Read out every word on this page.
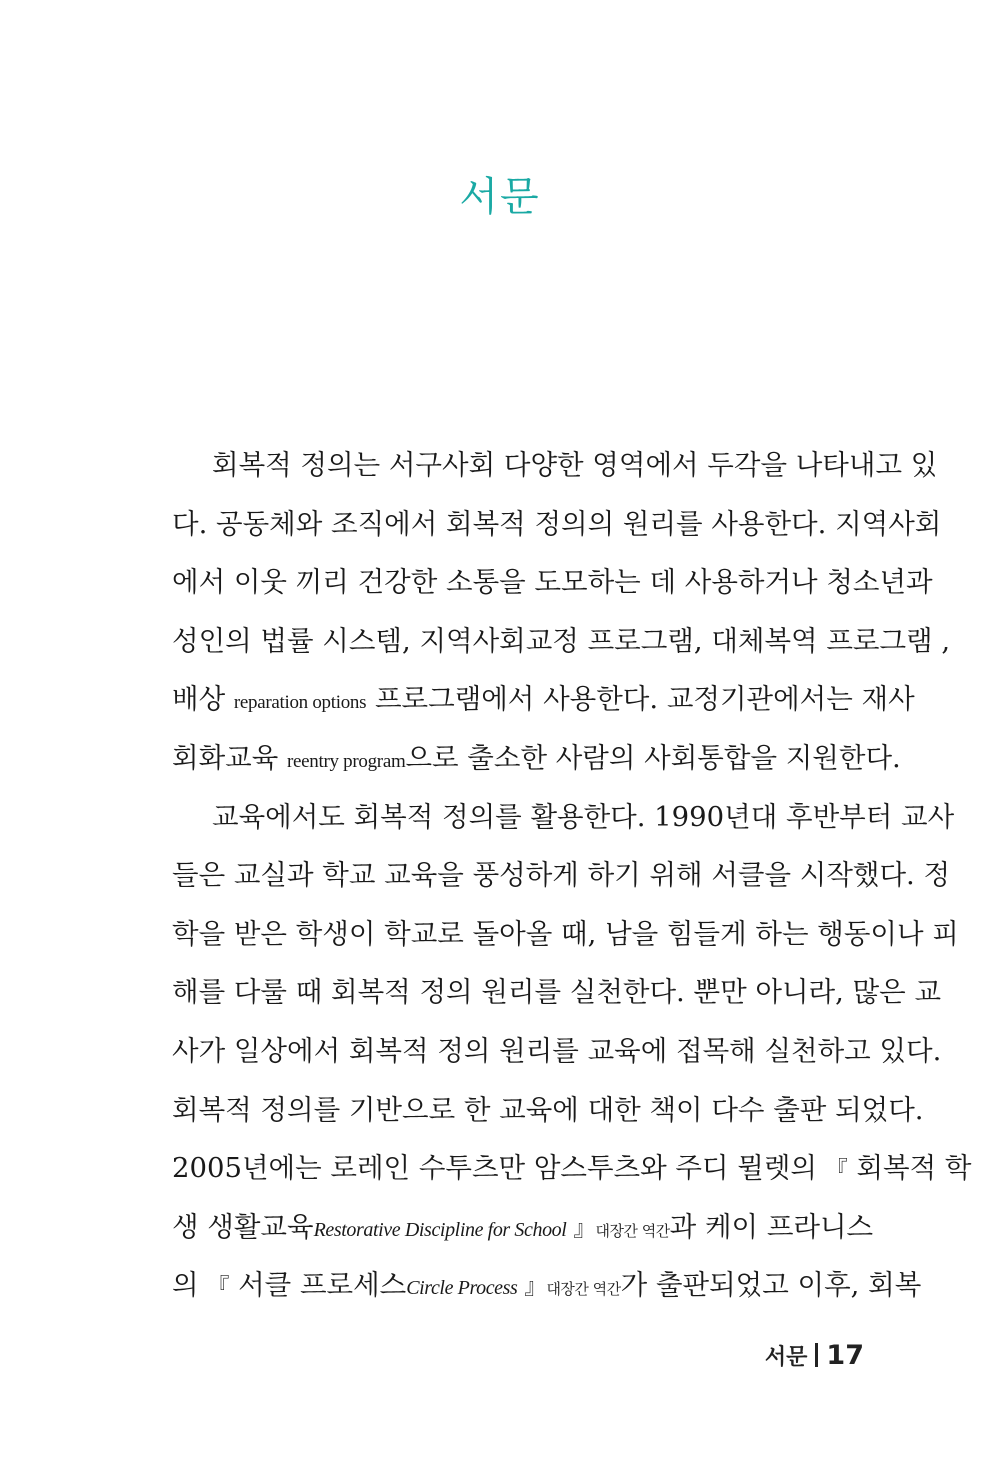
서문
회복적 정의는 서구사회 다양한 영역에서 두각을 나타내고 있
다. 공동체와 조직에서 회복적 정의의 원리를 사용한다. 지역사회
에서 이웃 끼리 건강한 소통을 도모하는 데 사용하거나 청소년과
성인의 법률 시스템, 지역사회교정 프로그램, 대체복역 프로그램 ,
배상 reparation options 프로그램에서 사용한다. 교정기관에서는 재사
회화교육 reentry program으로 출소한 사람의 사회통합을 지원한다.
교육에서도 회복적 정의를 활용한다. 1990년대 후반부터 교사
들은 교실과 학교 교육을 풍성하게 하기 위해 서클을 시작했다. 정
학을 받은 학생이 학교로 돌아올 때, 남을 힘들게 하는 행동이나 피
해를 다룰 때 회복적 정의 원리를 실천한다. 뿐만 아니라, 많은 교
사가 일상에서 회복적 정의 원리를 교육에 접목해 실천하고 있다.
회복적 정의를 기반으로 한 교육에 대한 책이 다수 출판 되었다.
2005년에는 로레인 수투츠만 암스투츠와 주디 뮐렛의 『 회복적 학
생 생활교육Restorative Discipline for School 』대장간 역간과 케이 프라니스
의 『 서클 프로세스Circle Process 』대장간 역간가 출판되었고 이후, 회복
서문 17
